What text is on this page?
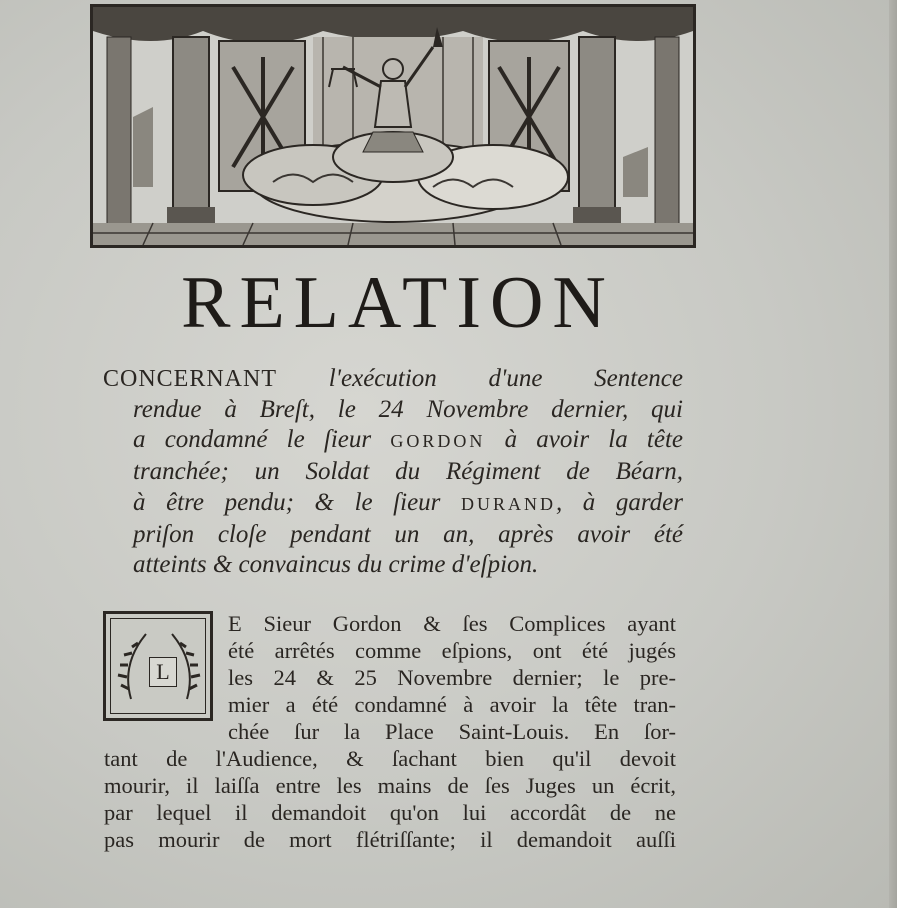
RELATION
CONCERNANT l'exécution d'une Sentence
rendue à Breſt, le 24 Novembre dernier, qui
a condamné le ſieur GORDON à avoir la tête
tranchée; un Soldat du Régiment de Béarn,
à être pendu; & le ſieur DURAND, à garder
priſon cloſe pendant un an, après avoir été
atteints & convaincus du crime d'eſpion.
L
E Sieur Gordon & ſes Complices ayant
été arrêtés comme eſpions, ont été jugés
les 24 & 25 Novembre dernier; le pre-
mier a été condamné à avoir la tête tran-
chée ſur la Place Saint-Louis. En ſor-
tant de l'Audience, & ſachant bien qu'il devoit
mourir, il laiſſa entre les mains de ſes Juges un écrit,
par lequel il demandoit qu'on lui accordât de ne
pas mourir de mort flétriſſante; il demandoit auſſi
